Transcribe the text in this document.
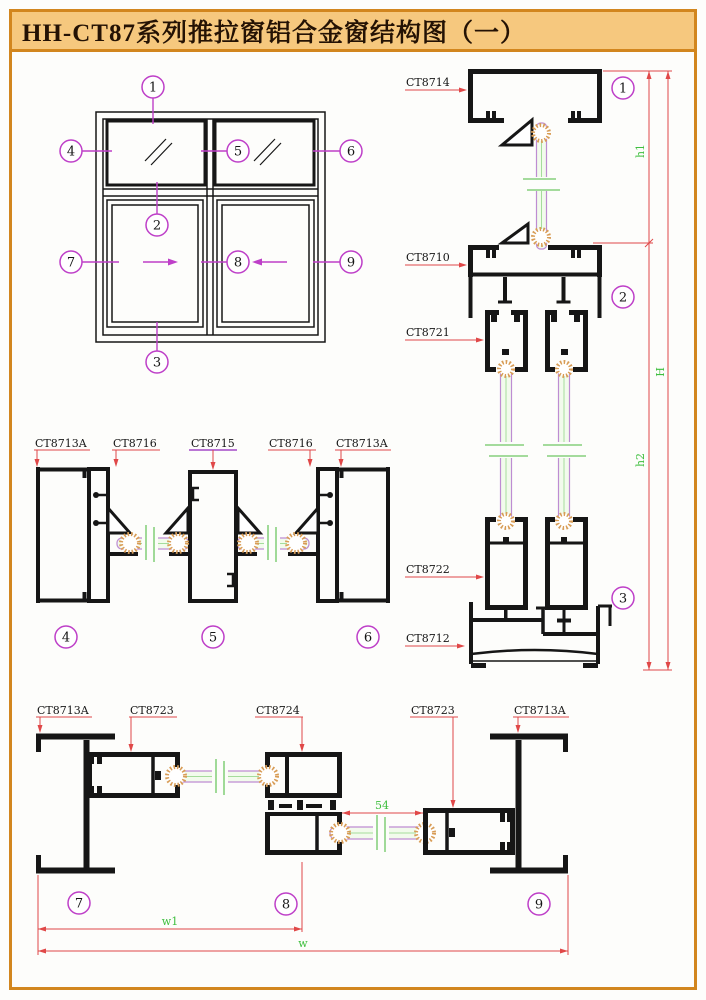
HH-CT87系列推拉窗铝合金窗结构图（一）
1
2
3
4	5	6
7	8	9
CT8714
CT8710
CT8721
CT8722
CT8712
h1
h2
H
1
2
3
CT8713A CT8716	CT8715	CT8716 CT8713A
4	5	6
CT8713A	CT8723	CT8724	CT8723	CT8713A
54
w1
w
7	8	9
